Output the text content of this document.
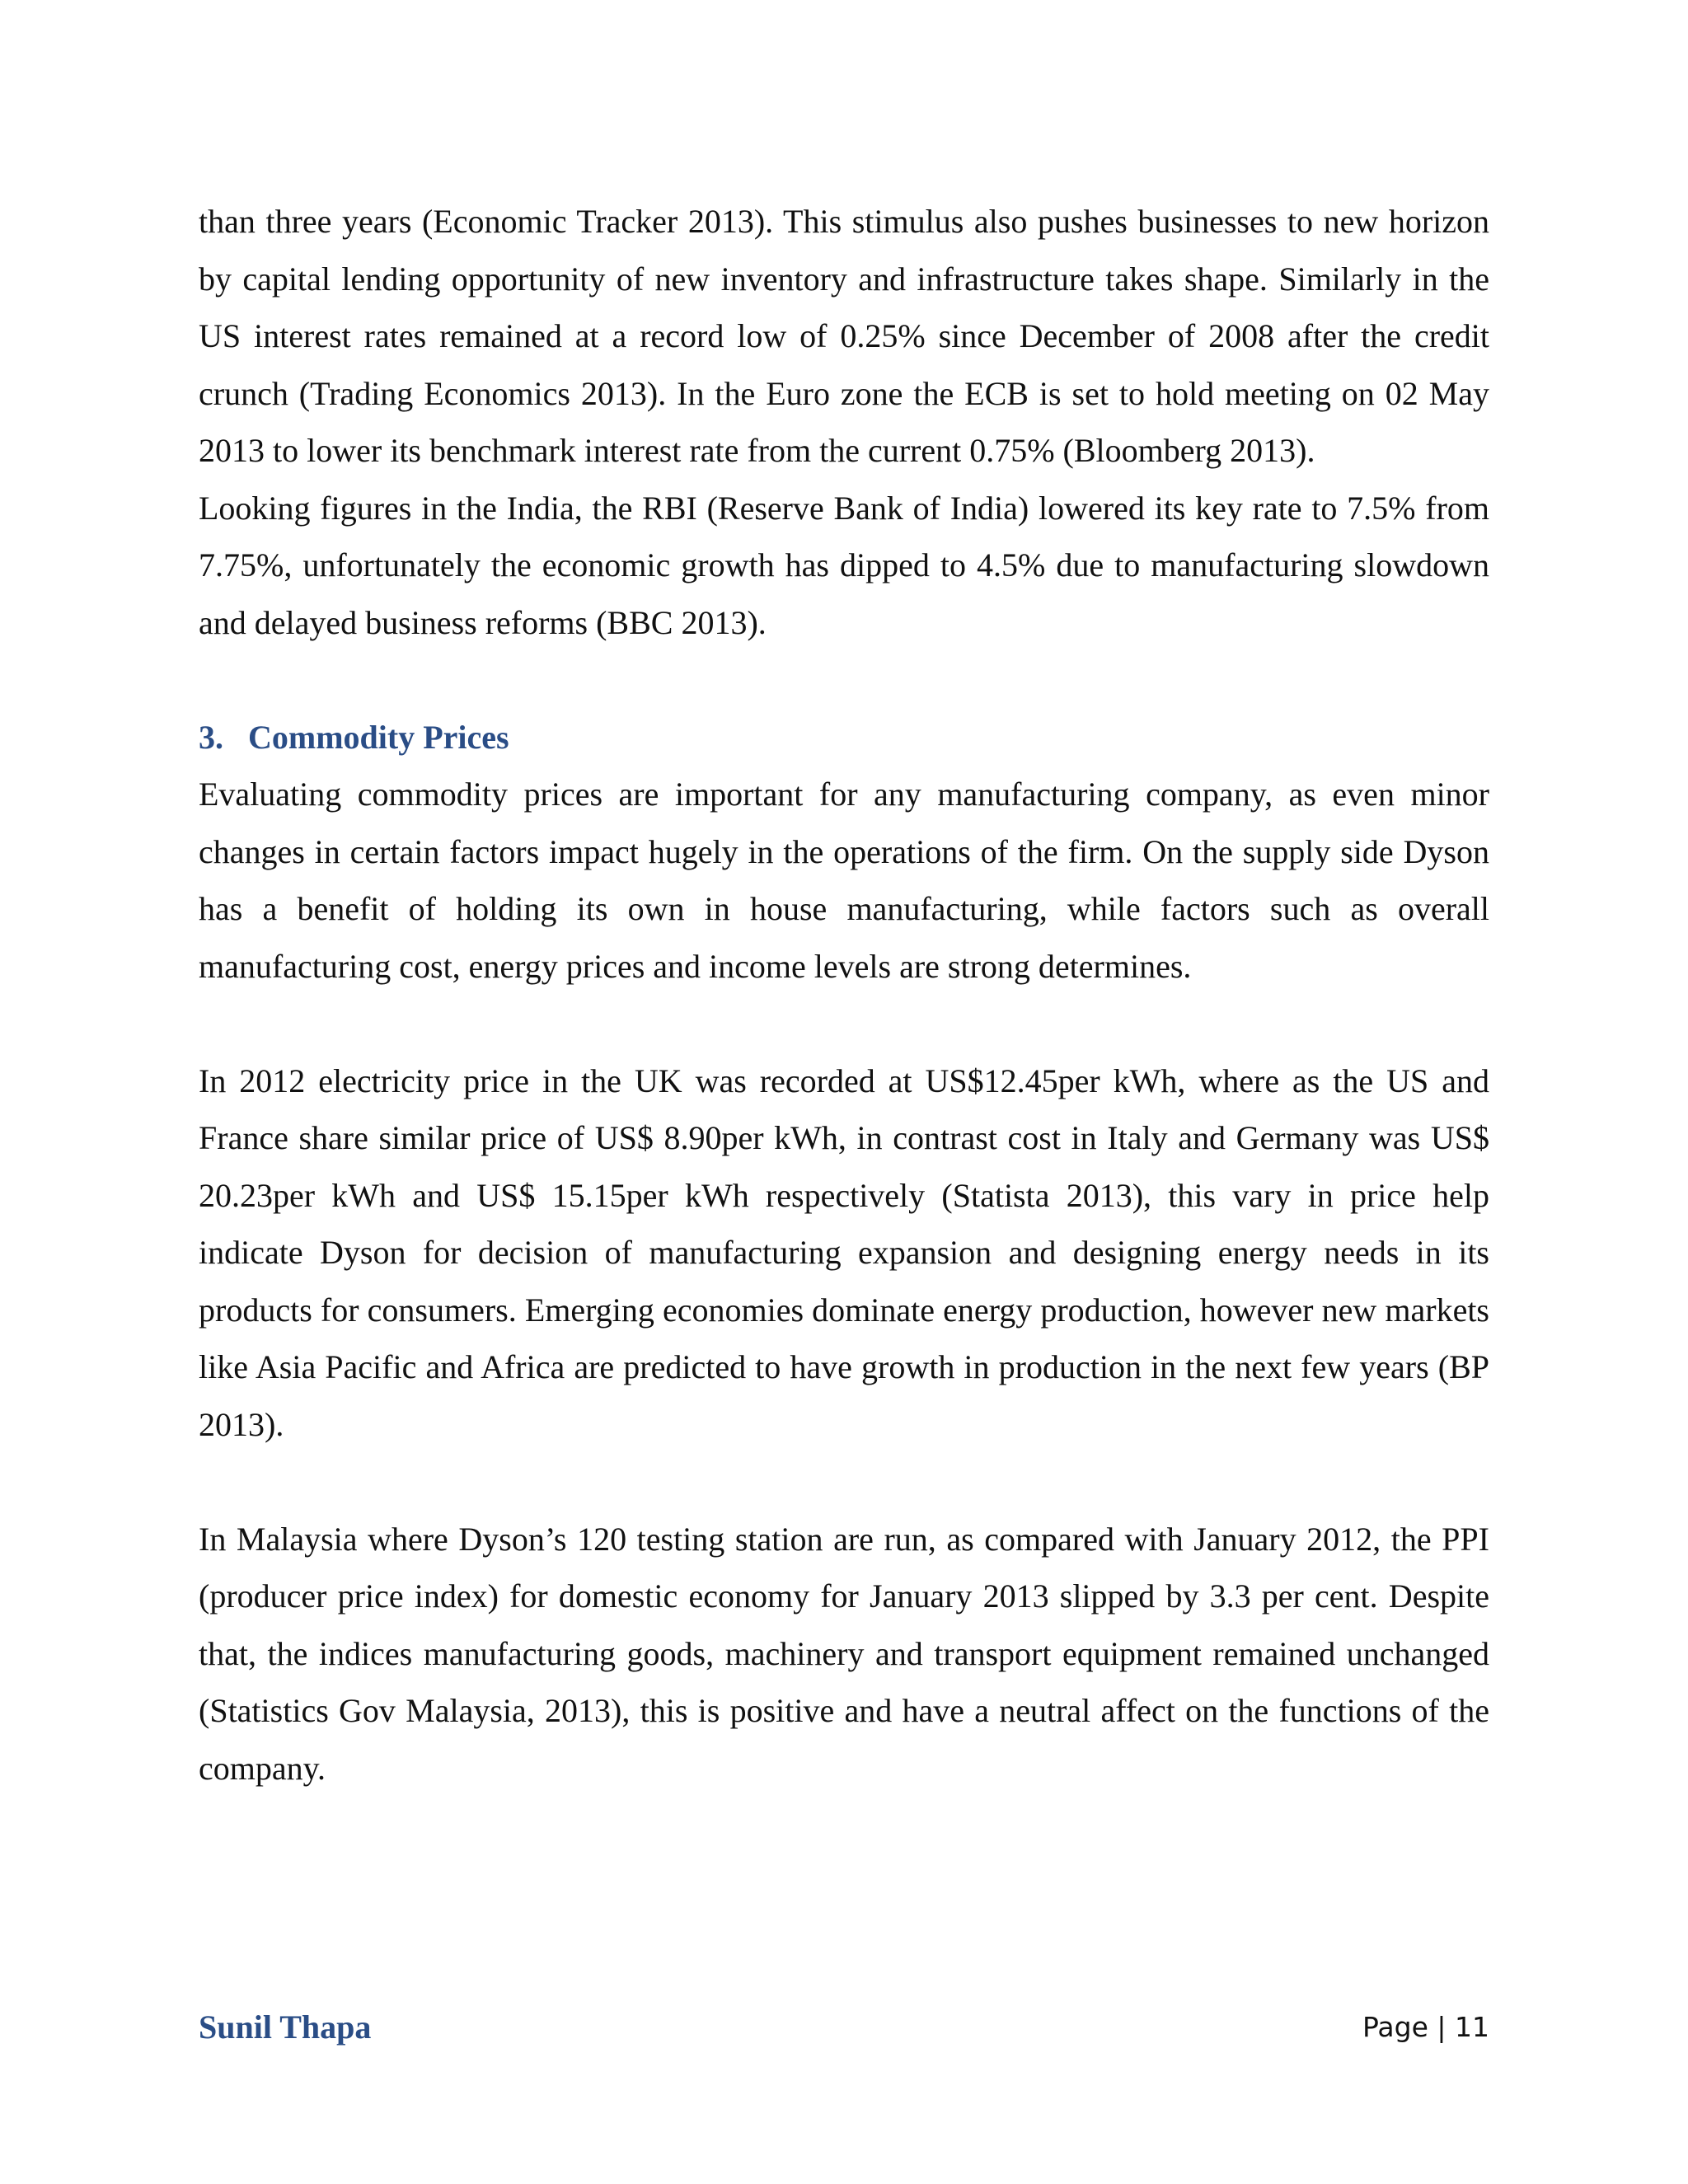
than three years (Economic Tracker 2013). This stimulus also pushes businesses to new horizon by capital lending opportunity of new inventory and infrastructure takes shape. Similarly in the US interest rates remained at a record low of 0.25% since December of 2008 after the credit crunch (Trading Economics 2013). In the Euro zone the ECB is set to hold meeting on 02 May 2013 to lower its benchmark interest rate from the current 0.75% (Bloomberg 2013).

Looking figures in the India, the RBI (Reserve Bank of India) lowered its key rate to 7.5% from 7.75%, unfortunately the economic growth has dipped to 4.5% due to manufacturing slowdown and delayed business reforms (BBC 2013).

3. Commodity Prices

Evaluating commodity prices are important for any manufacturing company, as even minor changes in certain factors impact hugely in the operations of the firm. On the supply side Dyson has a benefit of holding its own in house manufacturing, while factors such as overall manufacturing cost, energy prices and income levels are strong determines.

In 2012 electricity price in the UK was recorded at US$12.45per kWh, where as the US and France share similar price of US$ 8.90per kWh, in contrast cost in Italy and Germany was US$ 20.23per kWh and US$ 15.15per kWh respectively (Statista 2013), this vary in price help indicate Dyson for decision of manufacturing expansion and designing energy needs in its products for consumers. Emerging economies dominate energy production, however new markets like Asia Pacific and Africa are predicted to have growth in production in the next few years (BP 2013).

In Malaysia where Dyson’s 120 testing station are run, as compared with January 2012, the PPI (producer price index) for domestic economy for January 2013 slipped by 3.3 per cent. Despite that, the indices manufacturing goods, machinery and transport equipment remained unchanged (Statistics Gov Malaysia, 2013), this is positive and have a neutral affect on the functions of the company.

Sunil Thapa	Page | 11
